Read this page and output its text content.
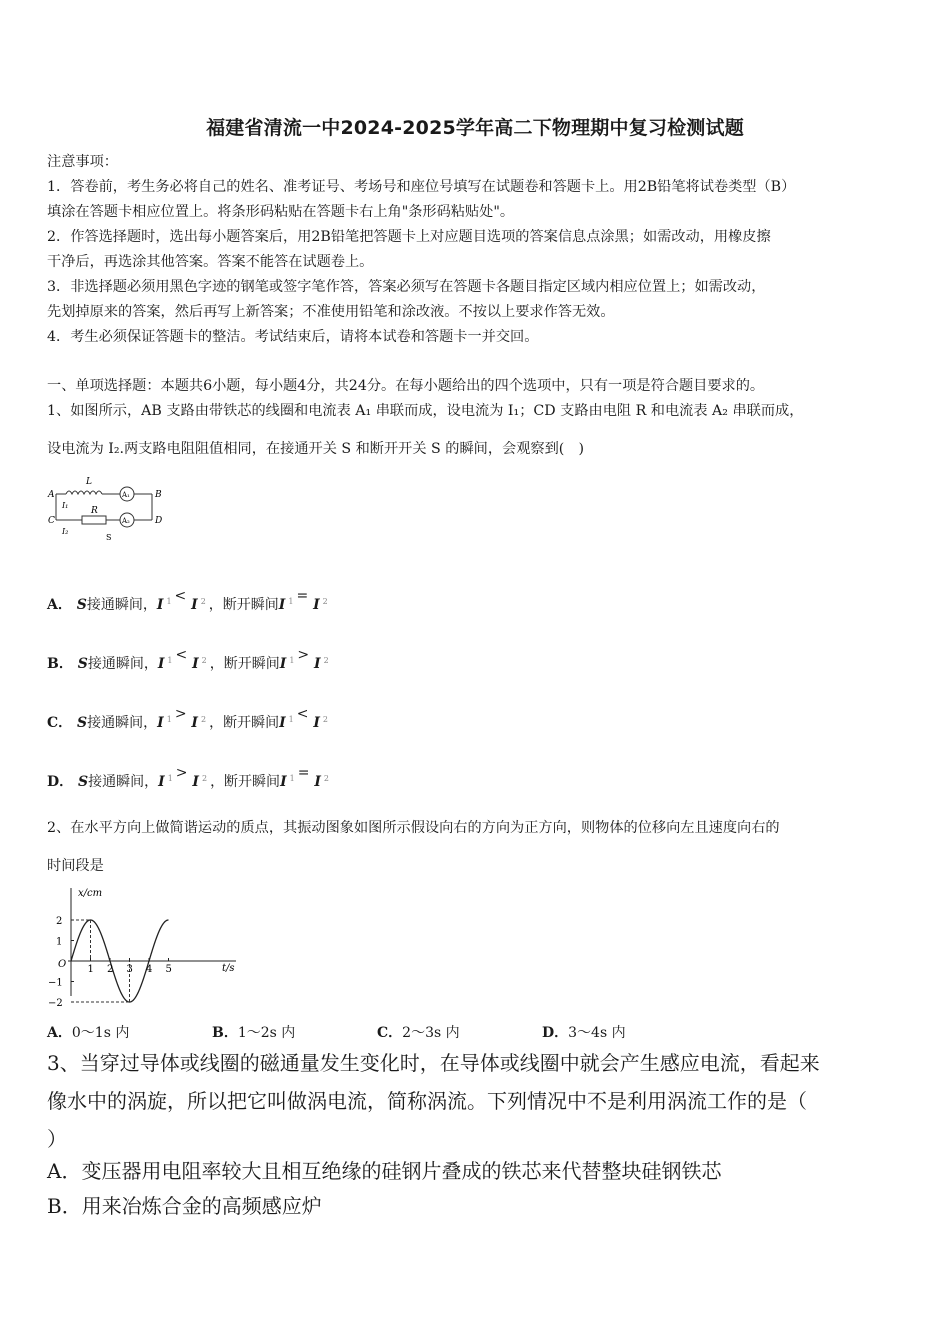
福建省清流一中2024-2025学年高二下物理期中复习检测试题
注意事项：
1．答卷前，考生务必将自己的姓名、准考证号、考场号和座位号填写在试题卷和答题卡上。用2B铅笔将试卷类型（B）
填涂在答题卡相应位置上。将条形码粘贴在答题卡右上角"条形码粘贴处"。
2．作答选择题时，选出每小题答案后，用2B铅笔把答题卡上对应题目选项的答案信息点涂黑；如需改动，用橡皮擦
干净后，再选涂其他答案。答案不能答在试题卷上。
3．非选择题必须用黑色字迹的钢笔或签字笔作答，答案必须写在答题卡各题目指定区域内相应位置上；如需改动，
先划掉原来的答案，然后再写上新答案；不准使用铅笔和涂改液。不按以上要求作答无效。
4．考生必须保证答题卡的整洁。考试结束后，请将本试卷和答题卡一并交回。
一、单项选择题：本题共6小题，每小题4分，共24分。在每小题给出的四个选项中，只有一项是符合题目要求的。
1、如图所示，AB 支路由带铁芯的线圈和电流表 A₁ 串联而成，设电流为 I₁；CD 支路由电阻 R 和电流表 A₂ 串联而成，
设电流为 I₂.两支路电阻阻值相同，在接通开关 S 和断开开关 S 的瞬间，会观察到(　)
A	B
C	D
L
R
I₁
I₂
S
A₁
A₂
A． S接通瞬间，I $^1$ < I $^2$ ，断开瞬间I $^1$ = I $^2$
B． S接通瞬间，I $^1$ < I $^2$ ，断开瞬间I $^1$ > I $^2$
C． S接通瞬间，I $^1$ > I $^2$ ，断开瞬间I $^1$ < I $^2$
D． S接通瞬间，I $^1$ > I $^2$ ，断开瞬间I $^1$ = I $^2$
2、在水平方向上做简谐运动的质点，其振动图象如图所示假设向右的方向为正方向，则物体的位移向左且速度向右的
时间段是
x/cm
t/s
O 1 2 3 4 5
2
1
−1
−2
A．0～1s 内	B．1～2s 内	C．2～3s 内	D．3～4s 内
3、当穿过导体或线圈的磁通量发生变化时，在导体或线圈中就会产生感应电流，看起来
像水中的涡旋，所以把它叫做涡电流，简称涡流。下列情况中不是利用涡流工作的是（
）
A．变压器用电阻率较大且相互绝缘的硅钢片叠成的铁芯来代替整块硅钢铁芯
B．用来冶炼合金的高频感应炉
